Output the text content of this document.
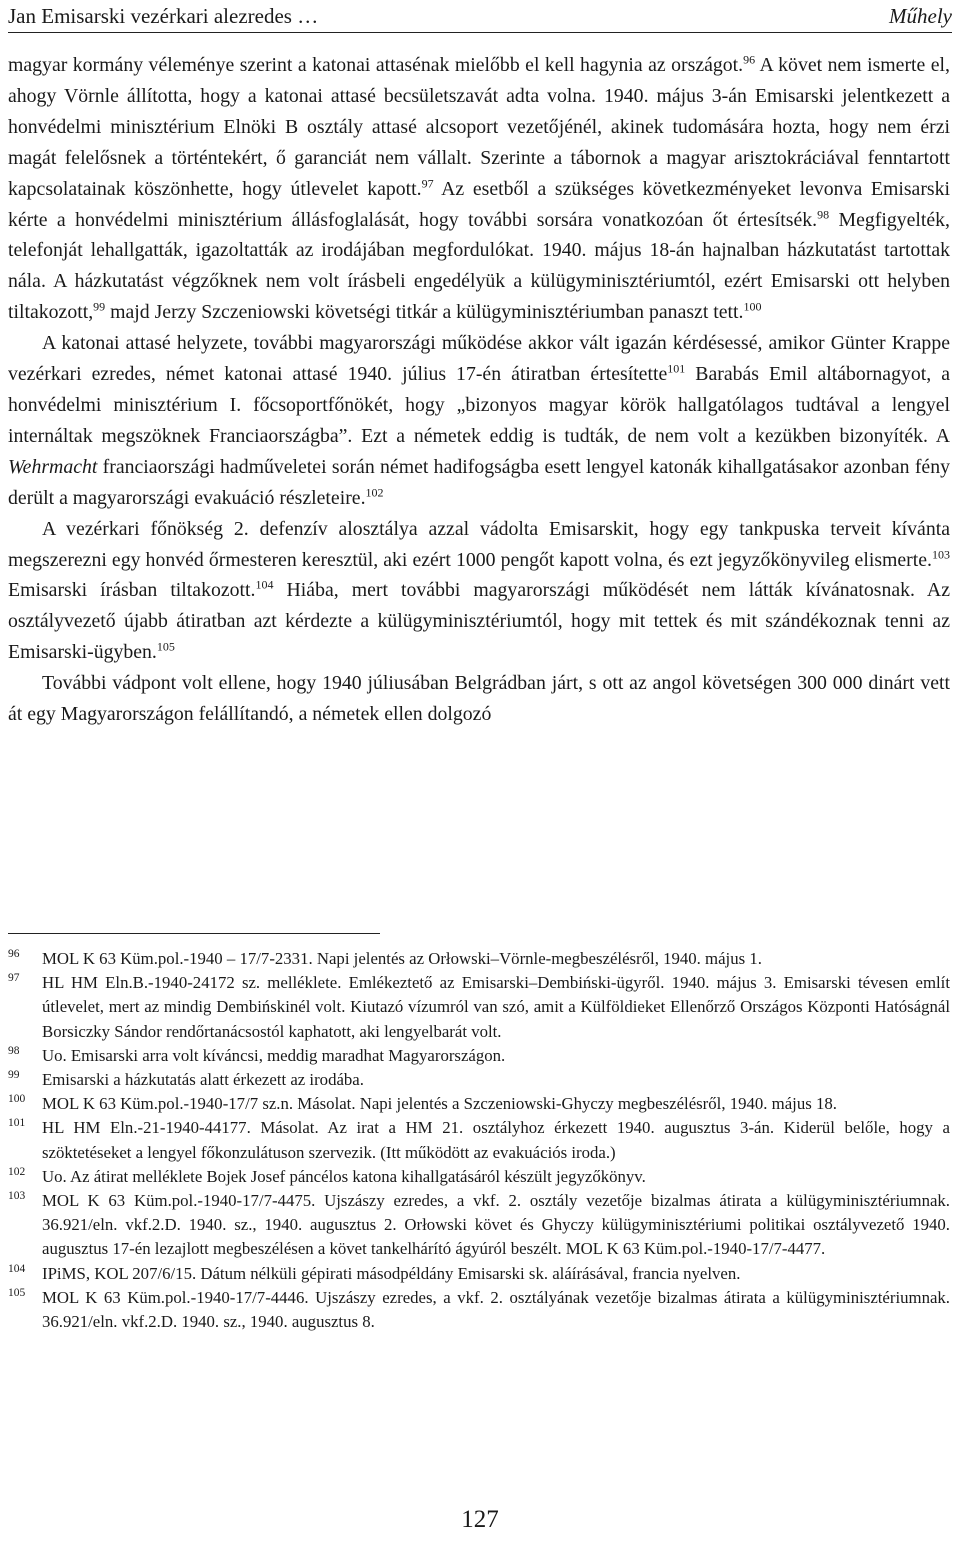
Jan Emisarski vezérkari alezredes …	Műhely

magyar kormány véleménye szerint a katonai attasénak mielőbb el kell hagynia az országot.$^{96}$ A követ nem ismerte el, ahogy Vörnle állította, hogy a katonai attasé becsületszavát adta volna. 1940. május 3-án Emisarski jelentkezett a honvédelmi minisztérium Elnöki B osztály attasé alcsoport vezetőjénél, akinek tudomására hozta, hogy nem érzi magát felelősnek a történtekért, ő garanciát nem vállalt. Szerinte a tábornok a magyar arisztokráciával fenntartott kapcsolatainak köszönhette, hogy útlevelet kapott.$^{97}$ Az esetből a szükséges következményeket levonva Emisarski kérte a honvédelmi minisztérium állásfoglalását, hogy további sorsára vonatkozóan őt értesítsék.$^{98}$ Megfigyelték, telefonját lehallgatták, igazoltatták az irodájában megfordulókat. 1940. május 18-án hajnalban házkutatást tartottak nála. A házkutatást végzőknek nem volt írásbeli engedélyük a külügyminisztériumtól, ezért Emisarski ott helyben tiltakozott,$^{99}$ majd Jerzy Szczeniowski követségi titkár a külügyminisztériumban panaszt tett.$^{100}$

A katonai attasé helyzete, további magyarországi működése akkor vált igazán kérdésessé, amikor Günter Krappe vezérkari ezredes, német katonai attasé 1940. július 17-én átiratban értesítette$^{101}$ Barabás Emil altábornagyot, a honvédelmi minisztérium I. főcsoportfőnökét, hogy „bizonyos magyar körök hallgatólagos tudtával a lengyel internáltak megszöknek Franciaországba”. Ezt a németek eddig is tudták, de nem volt a kezükben bizonyíték. A Wehrmacht franciaországi hadműveletei során német hadifogságba esett lengyel katonák kihallgatásakor azonban fény derült a magyarországi evakuáció részleteire.$^{102}$

A vezérkari főnökség 2. defenzív alosztálya azzal vádolta Emisarskit, hogy egy tankpuska terveit kívánta megszerezni egy honvéd őrmesteren keresztül, aki ezért 1000 pengőt kapott volna, és ezt jegyzőkönyvileg elismerte.$^{103}$ Emisarski írásban tiltakozott.$^{104}$ Hiába, mert további magyarországi működését nem látták kívánatosnak. Az osztályvezető újabb átiratban azt kérdezte a külügyminisztériumtól, hogy mit tettek és mit szándékoznak tenni az Emisarski-ügyben.$^{105}$

További vádpont volt ellene, hogy 1940 júliusában Belgrádban járt, s ott az angol követségen 300 000 dinárt vett át egy Magyarországon felállítandó, a németek ellen dolgozó

96	MOL K 63 Küm.pol.-1940 – 17/7-2331. Napi jelentés az Orłowski–Vörnle-megbeszélésről, 1940. május 1.

97	HL HM Eln.B.-1940-24172 sz. melléklete. Emlékeztető az Emisarski–Dembiński-ügyről. 1940. május 3. Emisarski tévesen említ útlevelet, mert az mindig Dembińskinél volt. Kiutazó vízumról van szó, amit a Külföldieket Ellenőrző Országos Központi Hatóságnál Borsiczky Sándor rendőrtanácsostól kaphatott, aki lengyelbarát volt.

98	Uo. Emisarski arra volt kíváncsi, meddig maradhat Magyarországon.

99	Emisarski a házkutatás alatt érkezett az irodába.

100 MOL K 63 Küm.pol.-1940-17/7 sz.n. Másolat. Napi jelentés a Szczeniowski-Ghyczy megbeszélésről, 1940. május 18.

101 HL HM Eln.-21-1940-44177. Másolat. Az irat a HM 21. osztályhoz érkezett 1940. augusztus 3-án. Kiderül belőle, hogy a szöktetéseket a lengyel főkonzulátuson szervezik. (Itt működött az evakuációs iroda.)

102 Uo. Az átirat melléklete Bojek Josef páncélos katona kihallgatásáról készült jegyzőkönyv.

103 MOL K 63 Küm.pol.-1940-17/7-4475. Ujszászy ezredes, a vkf. 2. osztály vezetője bizalmas átirata a külügyminisztériumnak. 36.921/eln. vkf.2.D. 1940. sz., 1940. augusztus 2. Orłowski követ és Ghyczy külügyminisztériumi politikai osztályvezető 1940. augusztus 17-én lezajlott megbeszélésen a követ tankelhárító ágyúról beszélt. MOL K 63 Küm.pol.-1940-17/7-4477.

104 IPiMS, KOL 207/6/15. Dátum nélküli gépirati másodpéldány Emisarski sk. aláírásával, francia nyelven.

105 MOL K 63 Küm.pol.-1940-17/7-4446. Ujszászy ezredes, a vkf. 2. osztályának vezetője bizalmas átirata a külügyminisztériumnak. 36.921/eln. vkf.2.D. 1940. sz., 1940. augusztus 8.

127
